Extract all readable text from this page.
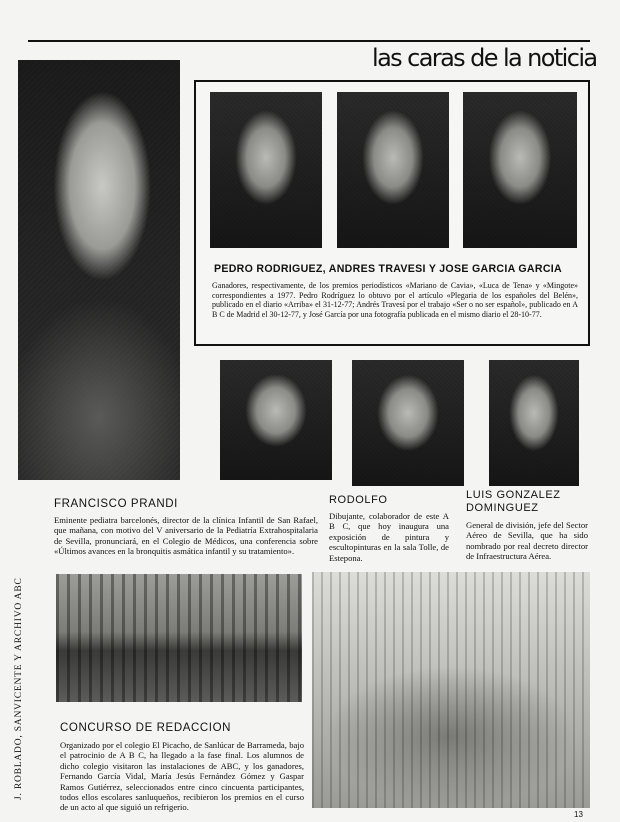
las caras de la noticia
PEDRO RODRIGUEZ, ANDRES TRAVESI Y JOSE GARCIA GARCIA
Ganadores, respectivamente, de los premios periodísticos «Mariano de Cavia», «Luca de Tena» y «Mingote» correspondientes a 1977. Pedro Rodríguez lo obtuvo por el artículo «Plegaria de los españoles del Belén», publicado en el diario «Arriba» el 31-12-77; Andrés Travesí por el trabajo «Ser o no ser español», publicado en A B C de Madrid el 30-12-77, y José García por una fotografía publicada en el mismo diario el 28-10-77.
FRANCISCO PRANDI
Eminente pediatra barcelonés, director de la clínica Infantil de San Rafael, que mañana, con motivo del V aniversario de la Pediatría Extrahospitalaria de Sevilla, pronunciará, en el Colegio de Médicos, una conferencia sobre «Últimos avances en la bronquitis asmática infantil y su tratamiento».
RODOLFO
Dibujante, colaborador de este A B C, que hoy inaugura una exposición de pintura y escultopinturas en la sala Tolle, de Estepona.
LUIS GONZALEZ DOMINGUEZ
General de división, jefe del Sector Aéreo de Sevilla, que ha sido nombrado por real decreto director de Infraestructura Aérea.
CONCURSO DE REDACCION
Organizado por el colegio El Picacho, de Sanlúcar de Barrameda, bajo el patrocinio de A B C, ha llegado a la fase final. Los alumnos de dicho colegio visitaron las instalaciones de ABC, y los ganadores, Fernando García Vidal, María Jesús Fernández Gómez y Gaspar Ramos Gutiérrez, seleccionados entre cinco cincuenta participantes, todos ellos escolares sanluqueños, recibieron los premios en el curso de un acto al que siguió un refrigerio.
J. ROBLADO, SANVICENTE Y ARCHIVO ABC
13
